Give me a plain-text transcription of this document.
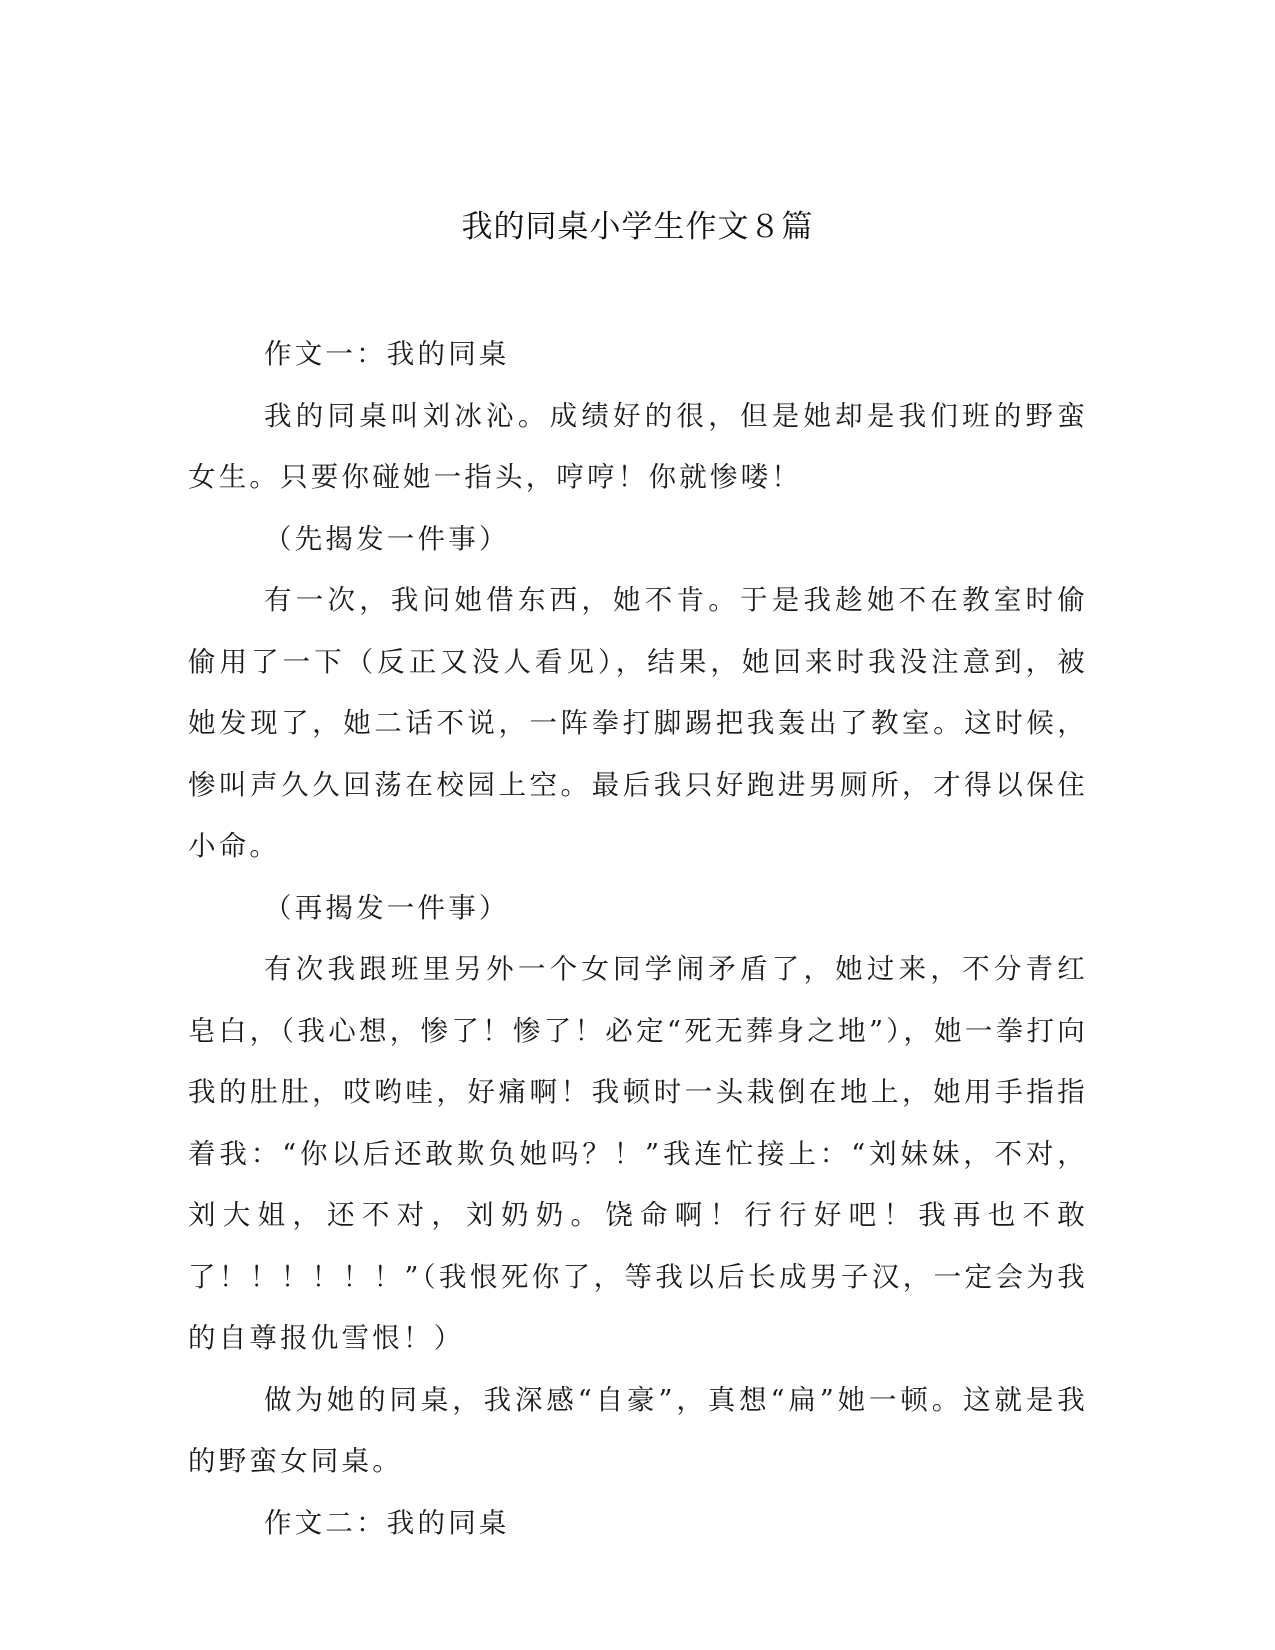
我的同桌小学生作文８篇

作文一：我的同桌

我的同桌叫刘冰沁。成绩好的很，但是她却是我们班的野蛮女生。只要你碰她一指头，哼哼！你就惨喽！

（先揭发一件事）

有一次，我问她借东西，她不肯。于是我趁她不在教室时偷偷用了一下（反正又没人看见），结果，她回来时我没注意到，被她发现了，她二话不说，一阵拳打脚踢把我轰出了教室。这时候，惨叫声久久回荡在校园上空。最后我只好跑进男厕所，才得以保住小命。

（再揭发一件事）

有次我跟班里另外一个女同学闹矛盾了，她过来，不分青红皂白，（我心想，惨了！惨了！必定“死无葬身之地”），她一拳打向我的肚肚，哎哟哇，好痛啊！我顿时一头栽倒在地上，她用手指指着我：“你以后还敢欺负她吗？！”我连忙接上：“刘妹妹，不对，刘大姐，还不对，刘奶奶。饶命啊！行行好吧！我再也不敢了！！！！！！”（我恨死你了，等我以后长成男子汉，一定会为我的自尊报仇雪恨！）

做为她的同桌，我深感“自豪”，真想“扁”她一顿。这就是我的野蛮女同桌。

作文二：我的同桌
